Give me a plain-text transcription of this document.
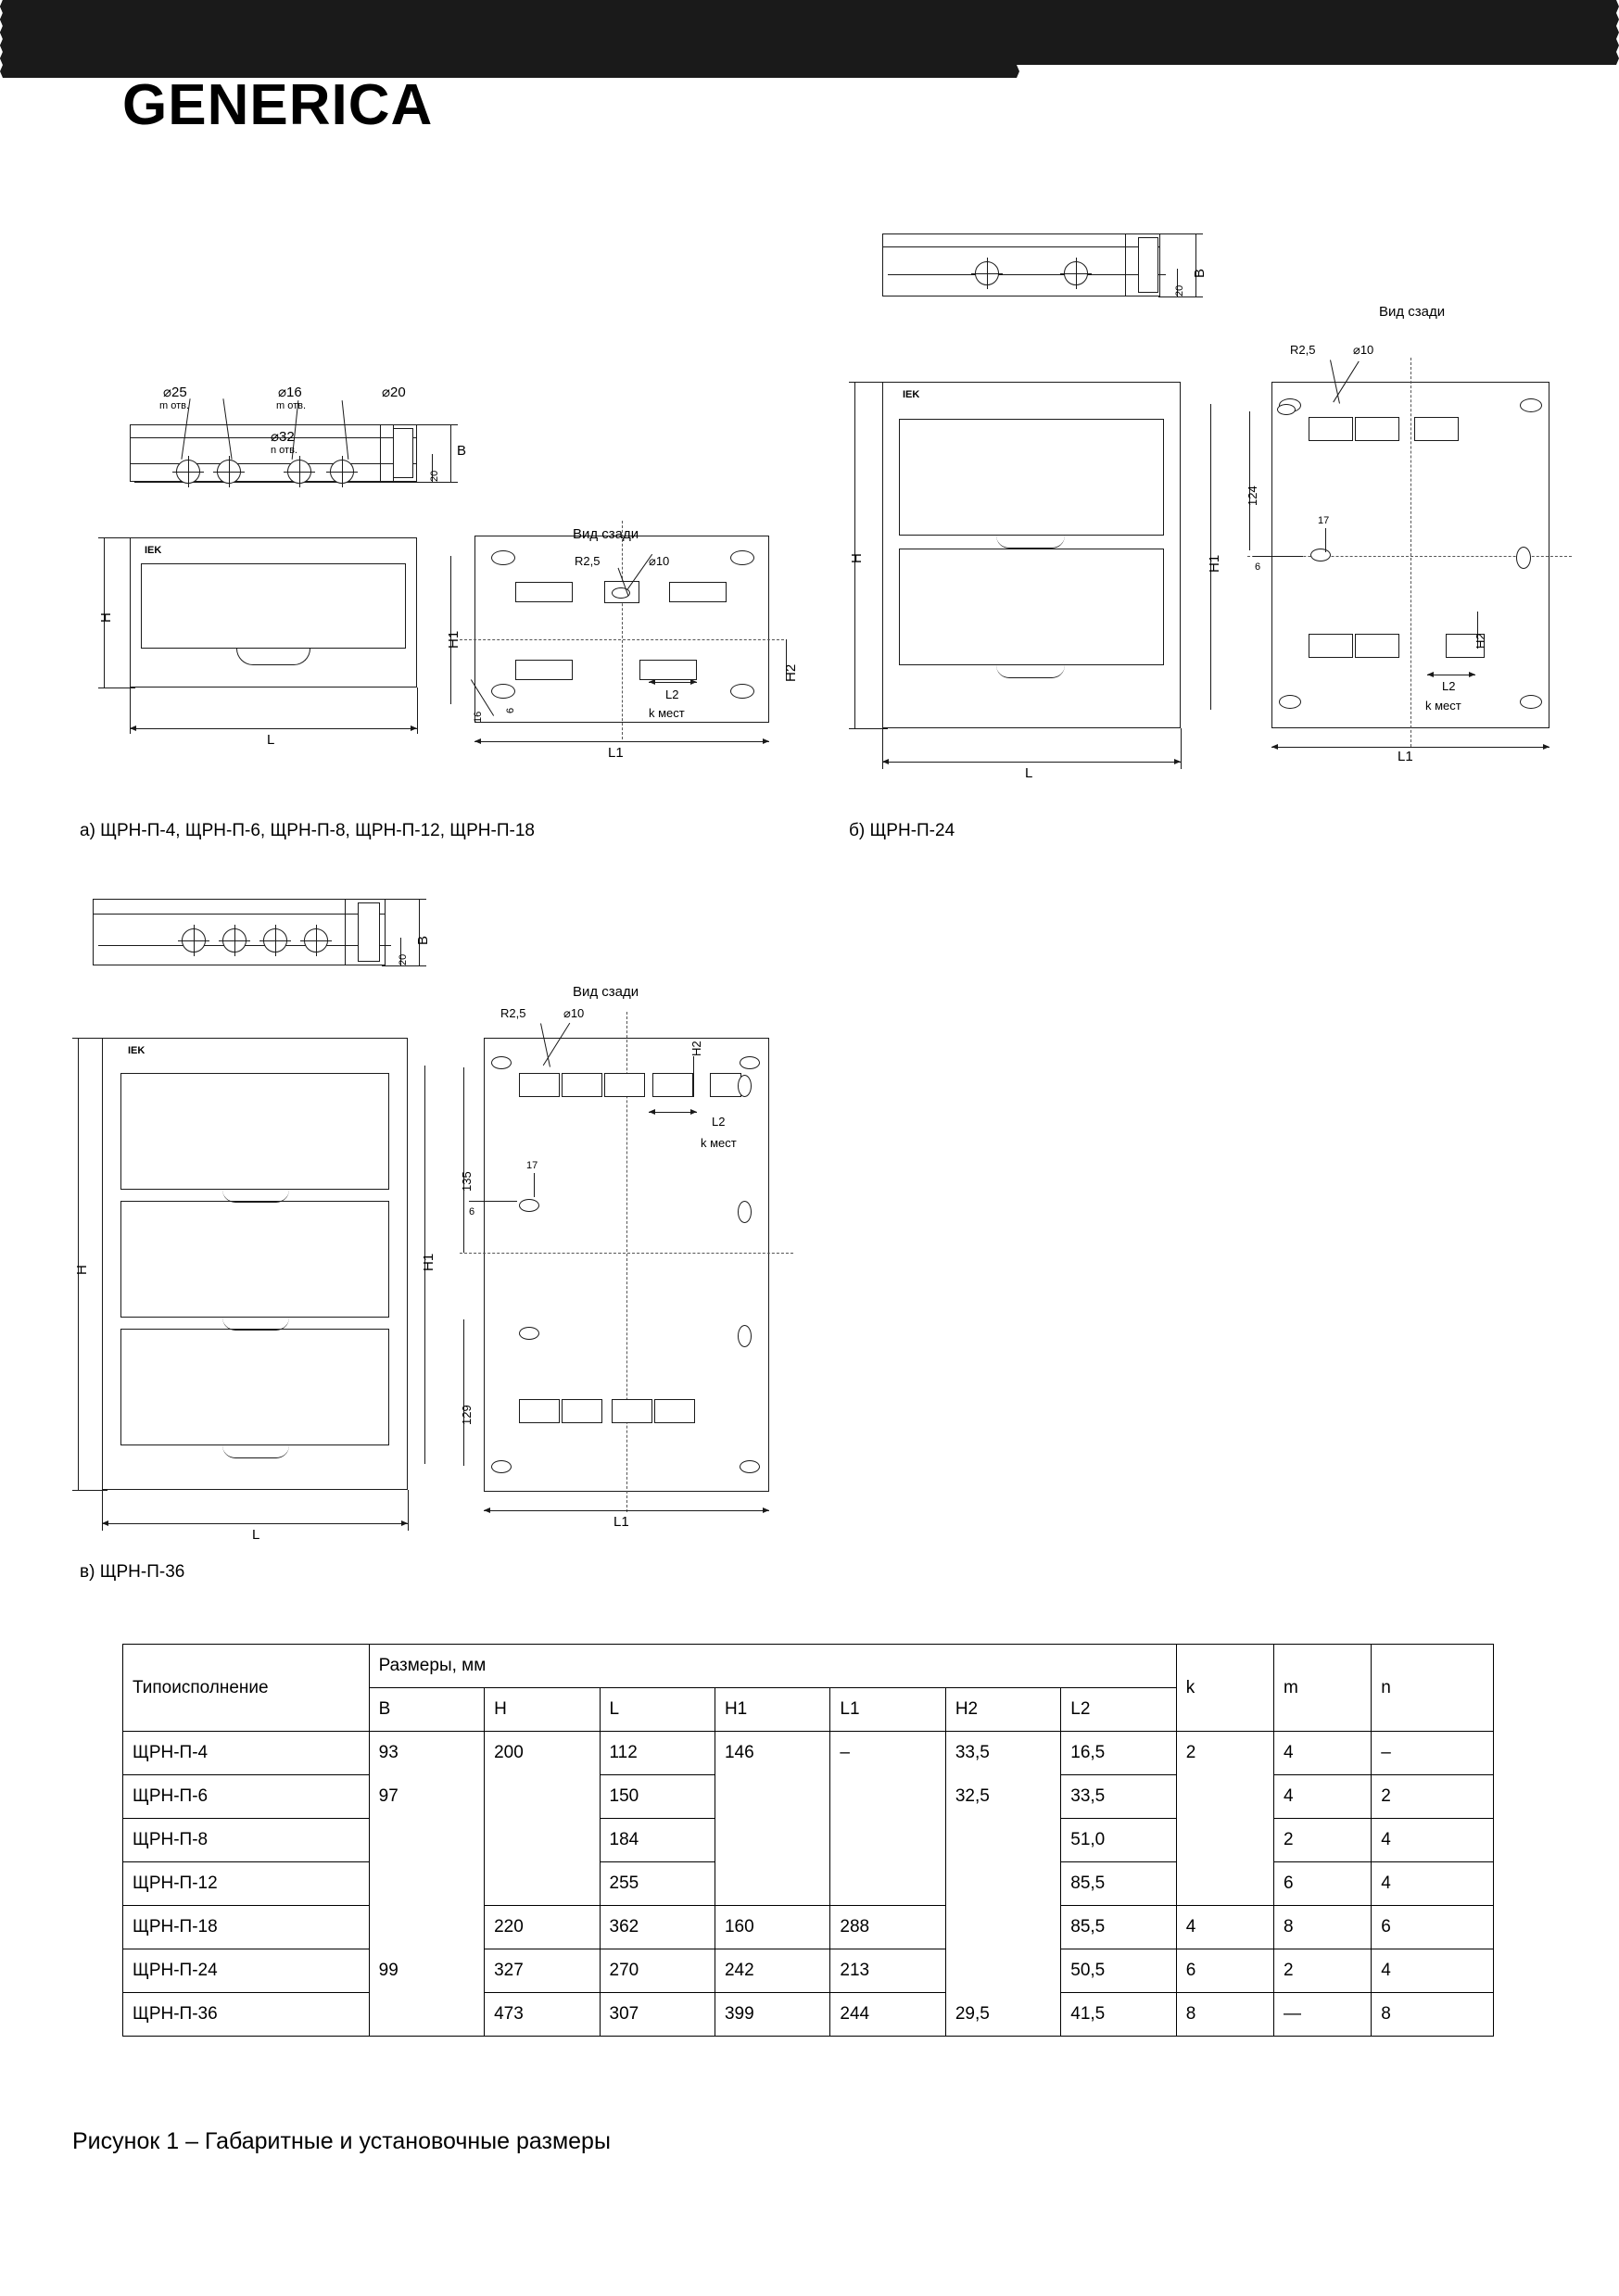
GENERICA
⌀25
m отв.
⌀16
m отв.
⌀20
⌀32
n отв.	B
20
IEK
H
L
Вид сзади
R2,5	⌀10
H1
L1
H2
L2
k мест
16
6
а) ЩРН-П-4, ЩРН-П-6, ЩРН-П-8, ЩРН-П-12, ЩРН-П-18
B
20
IEK
H
L
Вид сзади
R2,5	⌀10
124
H1
L1
6
17
H2
L2
k мест
б) ЩРН-П-24
B
20
IEK
H
L
Вид сзади
R2,5	⌀10
135
129
H1
L1
6
17
H2
L2
k мест
в) ЩРН-П-36
Типоисполнение	Размеры, мм							k	m	n
	B	H	L	H1	L1	H2	L2			
ЩРН-П-4	93	200	112	146	–	33,5	16,5	2	4	–
ЩРН-П-6	97		150			32,5	33,5		4	2
ЩРН-П-8			184				51,0		2	4
ЩРН-П-12			255				85,5		6	4
ЩРН-П-18		220	362	160	288		85,5	4	8	6
ЩРН-П-24	99	327	270	242	213		50,5	6	2	4
ЩРН-П-36		473	307	399	244	29,5	41,5	8	—	8
Рисунок 1 – Габаритные и установочные размеры
